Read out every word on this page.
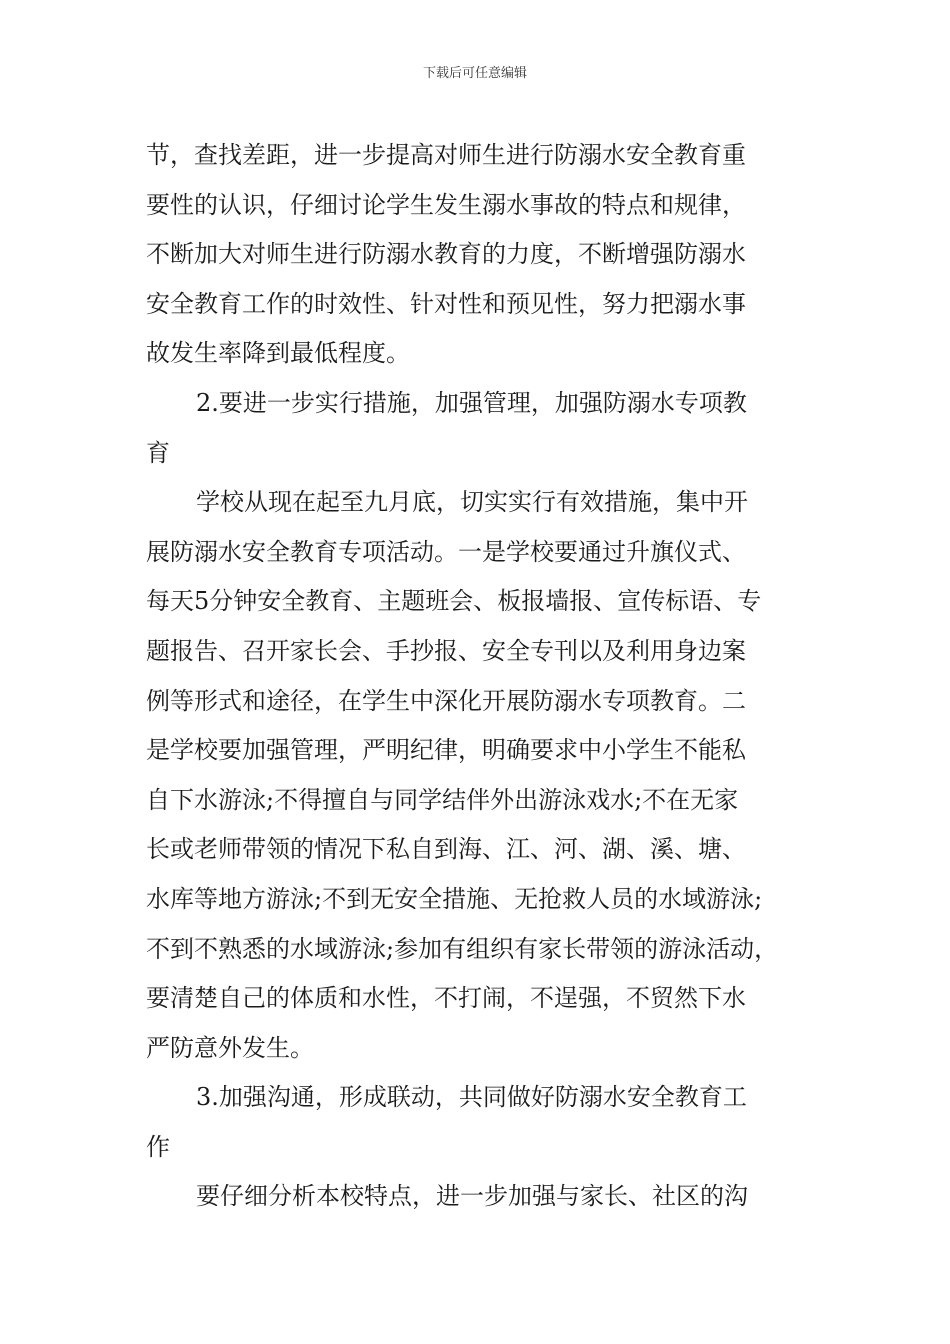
下载后可任意编辑
节，查找差距，进一步提高对师生进行防溺水安全教育重
要性的认识，仔细讨论学生发生溺水事故的特点和规律，
不断加大对师生进行防溺水教育的力度，不断增强防溺水
安全教育工作的时效性、针对性和预见性，努力把溺水事
故发生率降到最低程度。
2.要进一步实行措施，加强管理，加强防溺水专项教
育
学校从现在起至九月底，切实实行有效措施，集中开
展防溺水安全教育专项活动。一是学校要通过升旗仪式、
每天5分钟安全教育、主题班会、板报墙报、宣传标语、专
题报告、召开家长会、手抄报、安全专刊以及利用身边案
例等形式和途径，在学生中深化开展防溺水专项教育。二
是学校要加强管理，严明纪律，明确要求中小学生不能私
自下水游泳;不得擅自与同学结伴外出游泳戏水;不在无家
长或老师带领的情况下私自到海、江、河、湖、溪、塘、
水库等地方游泳;不到无安全措施、无抢救人员的水域游泳;
不到不熟悉的水域游泳;参加有组织有家长带领的游泳活动，
要清楚自己的体质和水性，不打闹，不逞强，不贸然下水
严防意外发生。
3.加强沟通，形成联动，共同做好防溺水安全教育工
作
要仔细分析本校特点，进一步加强与家长、社区的沟
